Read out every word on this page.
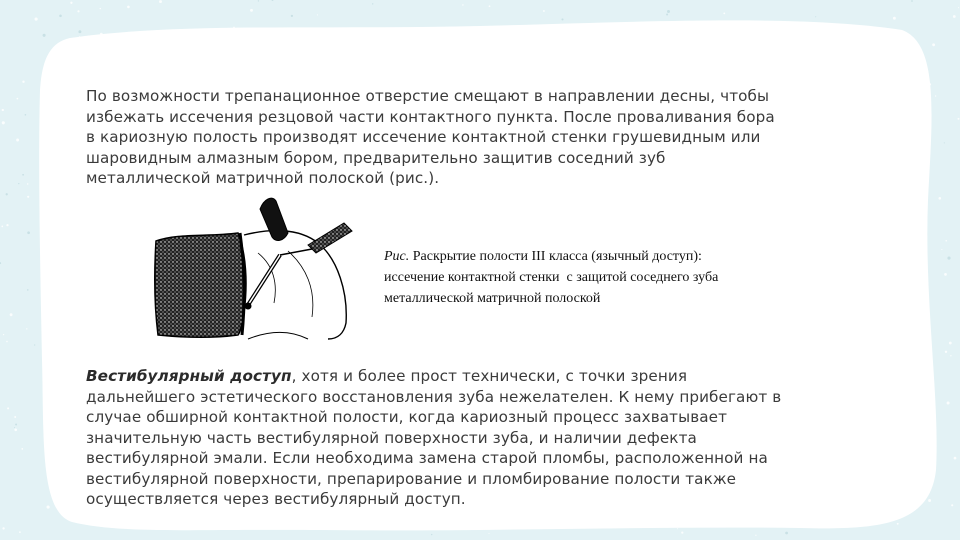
По возможности трепанационное отверстие смещают в направлении десны, чтобы
избежать иссечения резцовой части контактного пункта. После проваливания бора
в кариозную полость производят иссечение контактной стенки грушевидным или
шаровидным алмазным бором, предварительно защитив соседний зуб
металлической матричной полоской (рис.).
Рис. Раскрытие полости III класса (язычный доступ):
иссечение контактной стенки  с защитой соседнего зуба
металлической матричной полоской
Вестибулярный доступ, хотя и более прост технически, с точки зрения
дальнейшего эстетического восстановления зуба нежелателен. К нему прибегают в
случае обширной контактной полости, когда кариозный процесс захватывает
значительную часть вестибулярной поверхности зуба, и наличии дефекта
вестибулярной эмали. Если необходима замена старой пломбы, расположенной на
вестибулярной поверхности, препарирование и пломбирование полости также
осуществляется через вестибулярный доступ.
